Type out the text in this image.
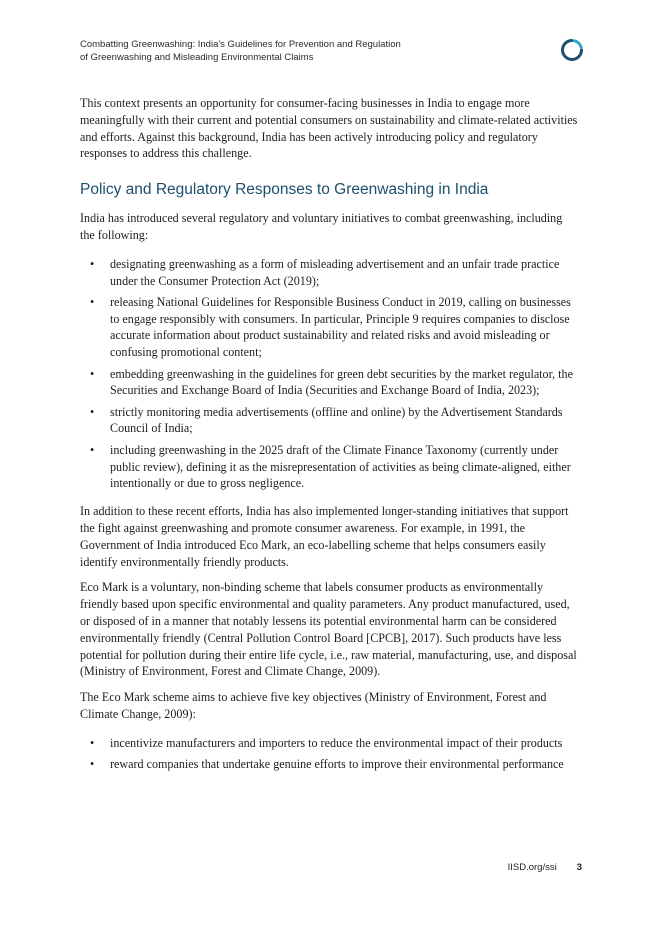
Combatting Greenwashing: India's Guidelines for Prevention and Regulation
of Greenwashing and Misleading Environmental Claims

This context presents an opportunity for consumer-facing businesses in India to engage more meaningfully with their current and potential consumers on sustainability and climate-related activities and efforts. Against this background, India has been actively introducing policy and regulatory responses to address this challenge.

Policy and Regulatory Responses to Greenwashing in India

India has introduced several regulatory and voluntary initiatives to combat greenwashing, including the following:

• designating greenwashing as a form of misleading advertisement and an unfair trade practice under the Consumer Protection Act (2019);
• releasing National Guidelines for Responsible Business Conduct in 2019, calling on businesses to engage responsibly with consumers. In particular, Principle 9 requires companies to disclose accurate information about product sustainability and related risks and avoid misleading or confusing promotional content;
• embedding greenwashing in the guidelines for green debt securities by the market regulator, the Securities and Exchange Board of India (Securities and Exchange Board of India, 2023);
• strictly monitoring media advertisements (offline and online) by the Advertisement Standards Council of India;
• including greenwashing in the 2025 draft of the Climate Finance Taxonomy (currently under public review), defining it as the misrepresentation of activities as being climate-aligned, either intentionally or due to gross negligence.

In addition to these recent efforts, India has also implemented longer-standing initiatives that support the fight against greenwashing and promote consumer awareness. For example, in 1991, the Government of India introduced Eco Mark, an eco-labelling scheme that helps consumers easily identify environmentally friendly products.

Eco Mark is a voluntary, non-binding scheme that labels consumer products as environmentally friendly based upon specific environmental and quality parameters. Any product manufactured, used, or disposed of in a manner that notably lessens its potential environmental harm can be considered environmentally friendly (Central Pollution Control Board [CPCB], 2017). Such products have less potential for pollution during their entire life cycle, i.e., raw material, manufacturing, use, and disposal (Ministry of Environment, Forest and Climate Change, 2009).

The Eco Mark scheme aims to achieve five key objectives (Ministry of Environment, Forest and Climate Change, 2009):

• incentivize manufacturers and importers to reduce the environmental impact of their products
• reward companies that undertake genuine efforts to improve their environmental performance
IISD.org/ssi 3
